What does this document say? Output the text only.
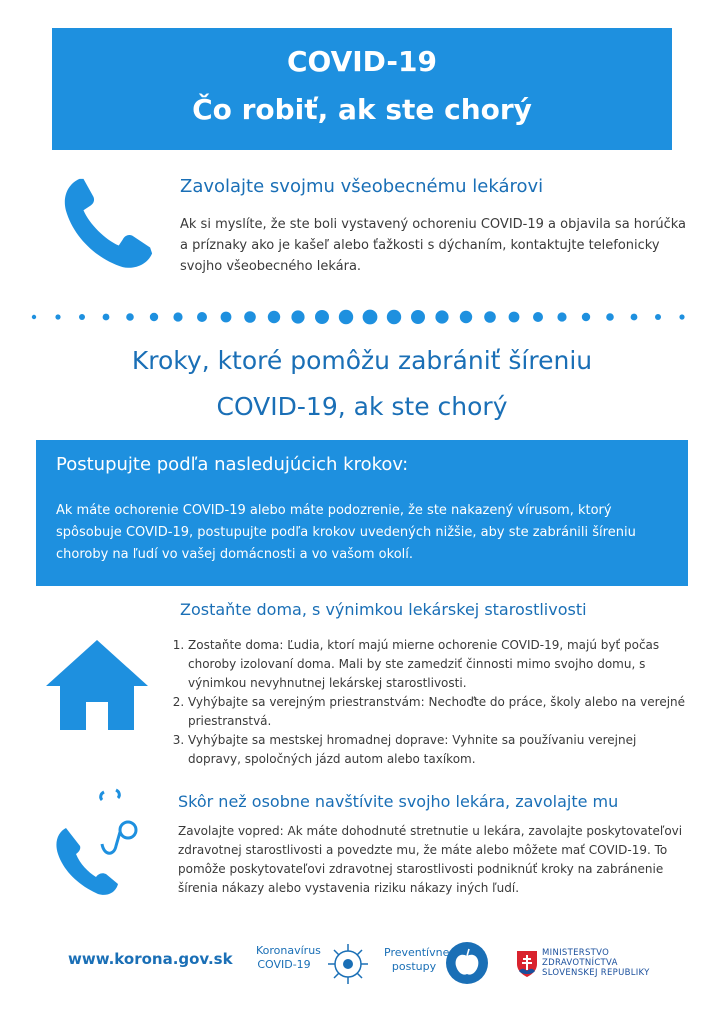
COVID-19
Čo robiť, ak ste chorý
Zavolajte svojmu všeobecnému lekárovi
Ak si myslíte, že ste boli vystavený ochoreniu COVID-19 a objavila sa horúčka a príznaky ako je kašeľ alebo ťažkosti s dýchaním, kontaktujte telefonicky svojho všeobecného lekára.
Kroky, ktoré pomôžu zabrániť šíreniu
COVID-19, ak ste chorý
Postupujte podľa nasledujúcich krokov:
Ak máte ochorenie COVID-19 alebo máte podozrenie, že ste nakazený vírusom, ktorý spôsobuje COVID-19, postupujte podľa krokov uvedených nižšie, aby ste zabránili šíreniu choroby na ľudí vo vašej domácnosti a vo vašom okolí.
Zostaňte doma, s výnimkou lekárskej starostlivosti
1. Zostaňte doma: Ľudia, ktorí majú mierne ochorenie COVID-19, majú byť počas choroby izolovaní doma. Mali by ste zamedziť činnosti mimo svojho domu, s výnimkou nevyhnutnej lekárskej starostlivosti.
2. Vyhýbajte sa verejným priestranstvám: Nechoďte do práce, školy alebo na verejné priestranstvá.
3. Vyhýbajte sa mestskej hromadnej doprave: Vyhnite sa používaniu verejnej dopravy, spoločných jázd autom alebo taxíkom.
Skôr než osobne navštívite svojho lekára, zavolajte mu
Zavolajte vopred: Ak máte dohodnuté stretnutie u lekára, zavolajte poskytovateľovi zdravotnej starostlivosti a povedzte mu, že máte alebo môžete mať COVID-19. To pomôže poskytovateľovi zdravotnej starostlivosti podniknúť kroky na zabránenie šírenia nákazy alebo vystavenia riziku nákazy iných ľudí.
www.korona.gov.sk Koronavírus
COVID-19
Preventívne
postupy
MINISTERSTVO
ZDRAVOTNÍCTVA
SLOVENSKEJ REPUBLIKY
